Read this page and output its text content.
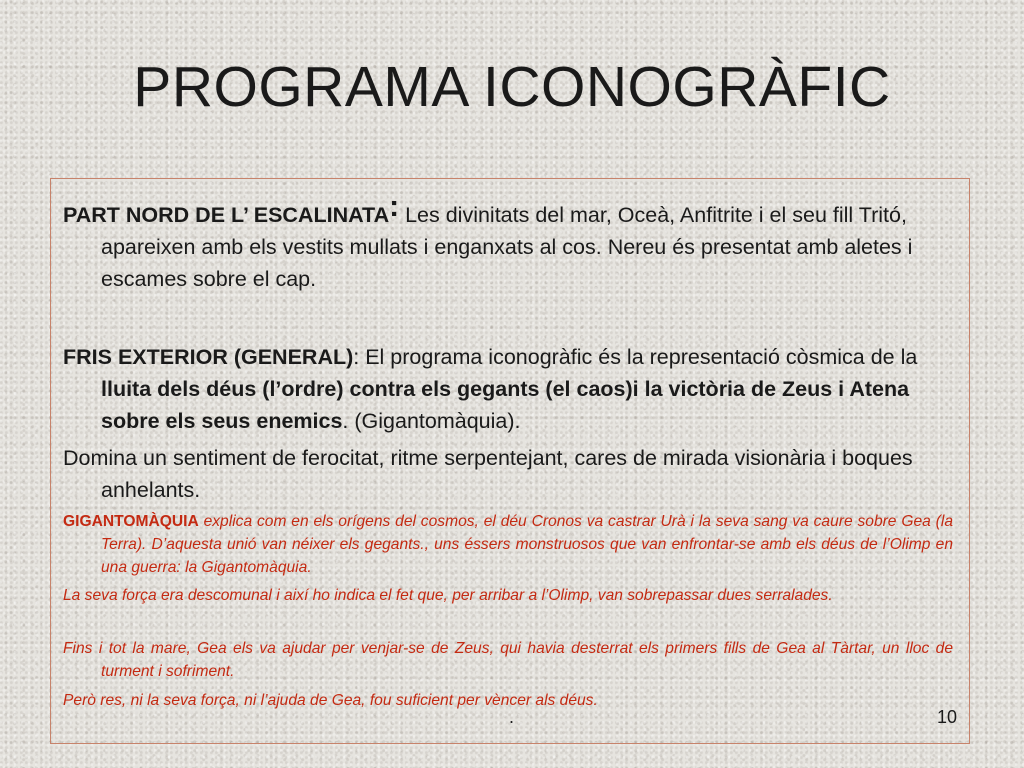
PROGRAMA ICONOGRÀFIC
PART NORD DE L’ ESCALINATA: Les divinitats del mar, Oceà, Anfitrite i el seu fill Tritó, apareixen amb els vestits mullats i enganxats al cos. Nereu és presentat amb aletes i escames sobre el cap.
FRIS EXTERIOR (GENERAL): El programa iconogràfic és la representació còsmica de la lluita dels déus (l’ordre) contra els gegants (el caos)i la victòria de Zeus i Atena sobre els seus enemics. (Gigantomàquia).
Domina un sentiment de ferocitat, ritme serpentejant, cares de mirada visionària i boques anhelants.
GIGANTOMÀQUIA explica com en els orígens del cosmos, el déu Cronos va castrar Urà i la seva sang va caure sobre Gea (la Terra). D’aquesta unió van néixer els gegants., uns éssers monstruosos que van enfrontar-se amb els déus de l’Olimp en una guerra: la Gigantomàquia.
La seva força era descomunal i així ho indica el fet que, per arribar a l’Olimp, van sobrepassar dues serralades.
Fins i tot la mare, Gea els va ajudar per venjar-se de Zeus, qui havia desterrat els primers fills de Gea al Tàrtar, un lloc de turment i sofriment.
Però res, ni la seva força, ni l’ajuda de Gea, fou suficient per vèncer als déus.
.	10
